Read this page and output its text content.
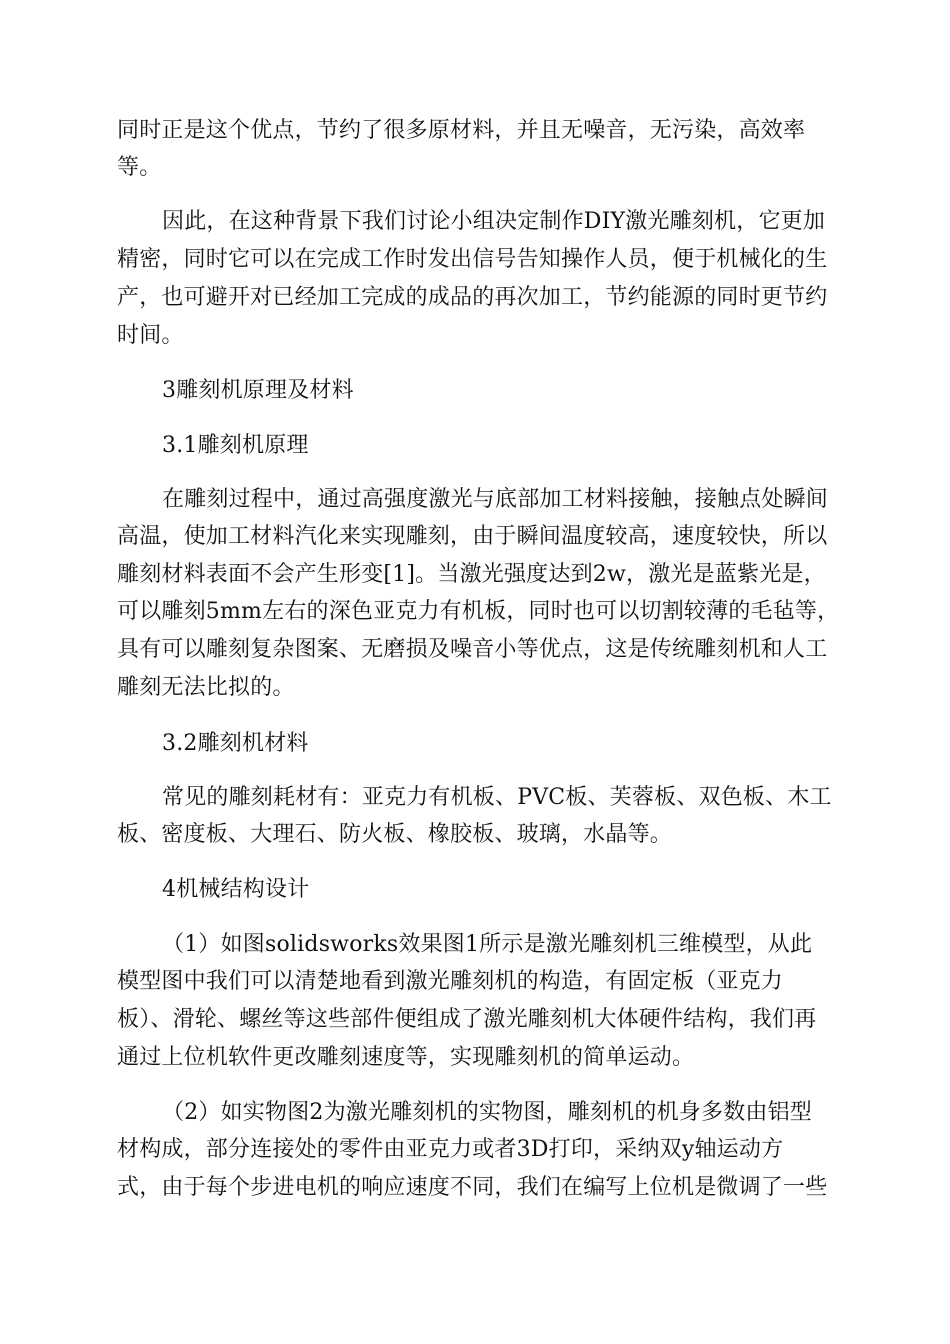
同时正是这个优点，节约了很多原材料，并且无噪音，无污染，高效率
等。
因此，在这种背景下我们讨论小组决定制作DIY激光雕刻机，它更加
精密，同时它可以在完成工作时发出信号告知操作人员，便于机械化的生
产，也可避开对已经加工完成的成品的再次加工，节约能源的同时更节约
时间。
3雕刻机原理及材料
3.1雕刻机原理
在雕刻过程中，通过高强度激光与底部加工材料接触，接触点处瞬间
高温，使加工材料汽化来实现雕刻，由于瞬间温度较高，速度较快，所以
雕刻材料表面不会产生形变[1]。当激光强度达到2w，激光是蓝紫光是，
可以雕刻5mm左右的深色亚克力有机板，同时也可以切割较薄的毛毡等，
具有可以雕刻复杂图案、无磨损及噪音小等优点，这是传统雕刻机和人工
雕刻无法比拟的。
3.2雕刻机材料
常见的雕刻耗材有：亚克力有机板、PVC板、芙蓉板、双色板、木工
板、密度板、大理石、防火板、橡胶板、玻璃，水晶等。
4机械结构设计
（1）如图solidsworks效果图1所示是激光雕刻机三维模型，从此
模型图中我们可以清楚地看到激光雕刻机的构造，有固定板（亚克力
板）、滑轮、螺丝等这些部件便组成了激光雕刻机大体硬件结构，我们再
通过上位机软件更改雕刻速度等，实现雕刻机的简单运动。
（2）如实物图2为激光雕刻机的实物图，雕刻机的机身多数由铝型
材构成，部分连接处的零件由亚克力或者3D打印，采纳双y轴运动方
式，由于每个步进电机的响应速度不同，我们在编写上位机是微调了一些
